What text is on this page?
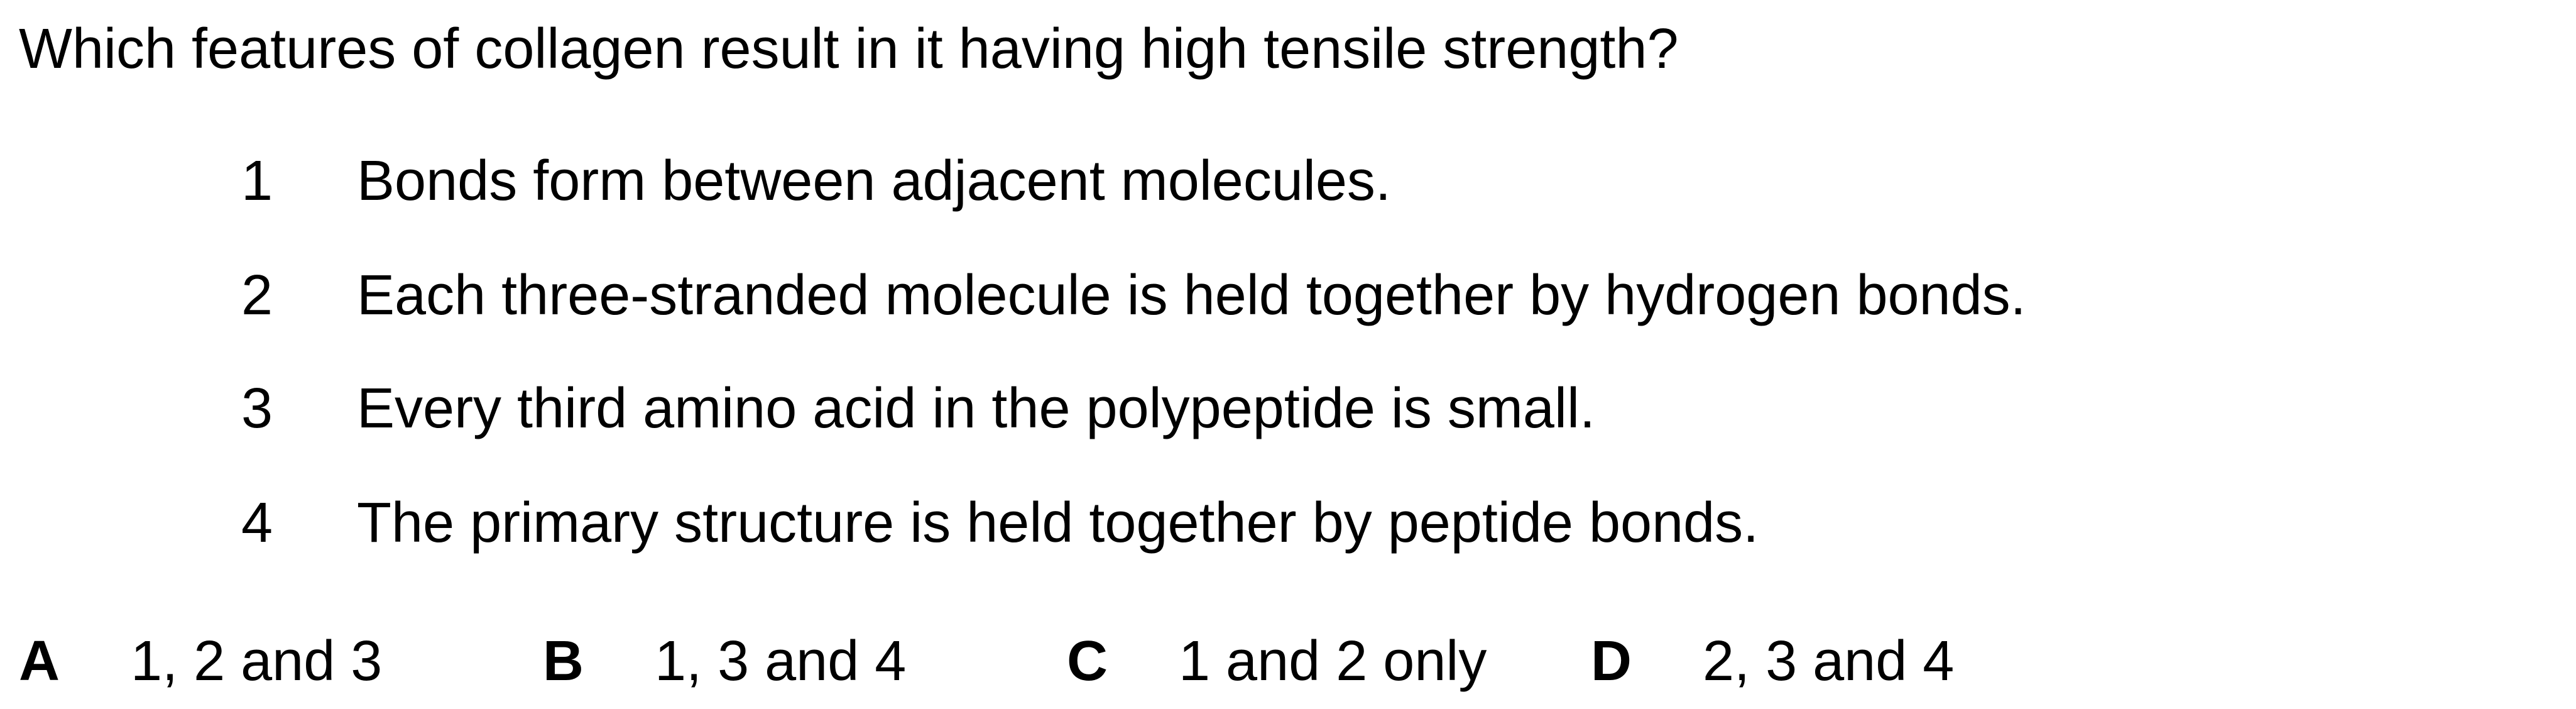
Which features of collagen result in it having high tensile strength?
1 Bonds form between adjacent molecules.
2 Each three-stranded molecule is held together by hydrogen bonds.
3 Every third amino acid in the polypeptide is small.
4 The primary structure is held together by peptide bonds.
A 1, 2 and 3	B 1, 3 and 4	C 1 and 2 only D 2, 3 and 4
